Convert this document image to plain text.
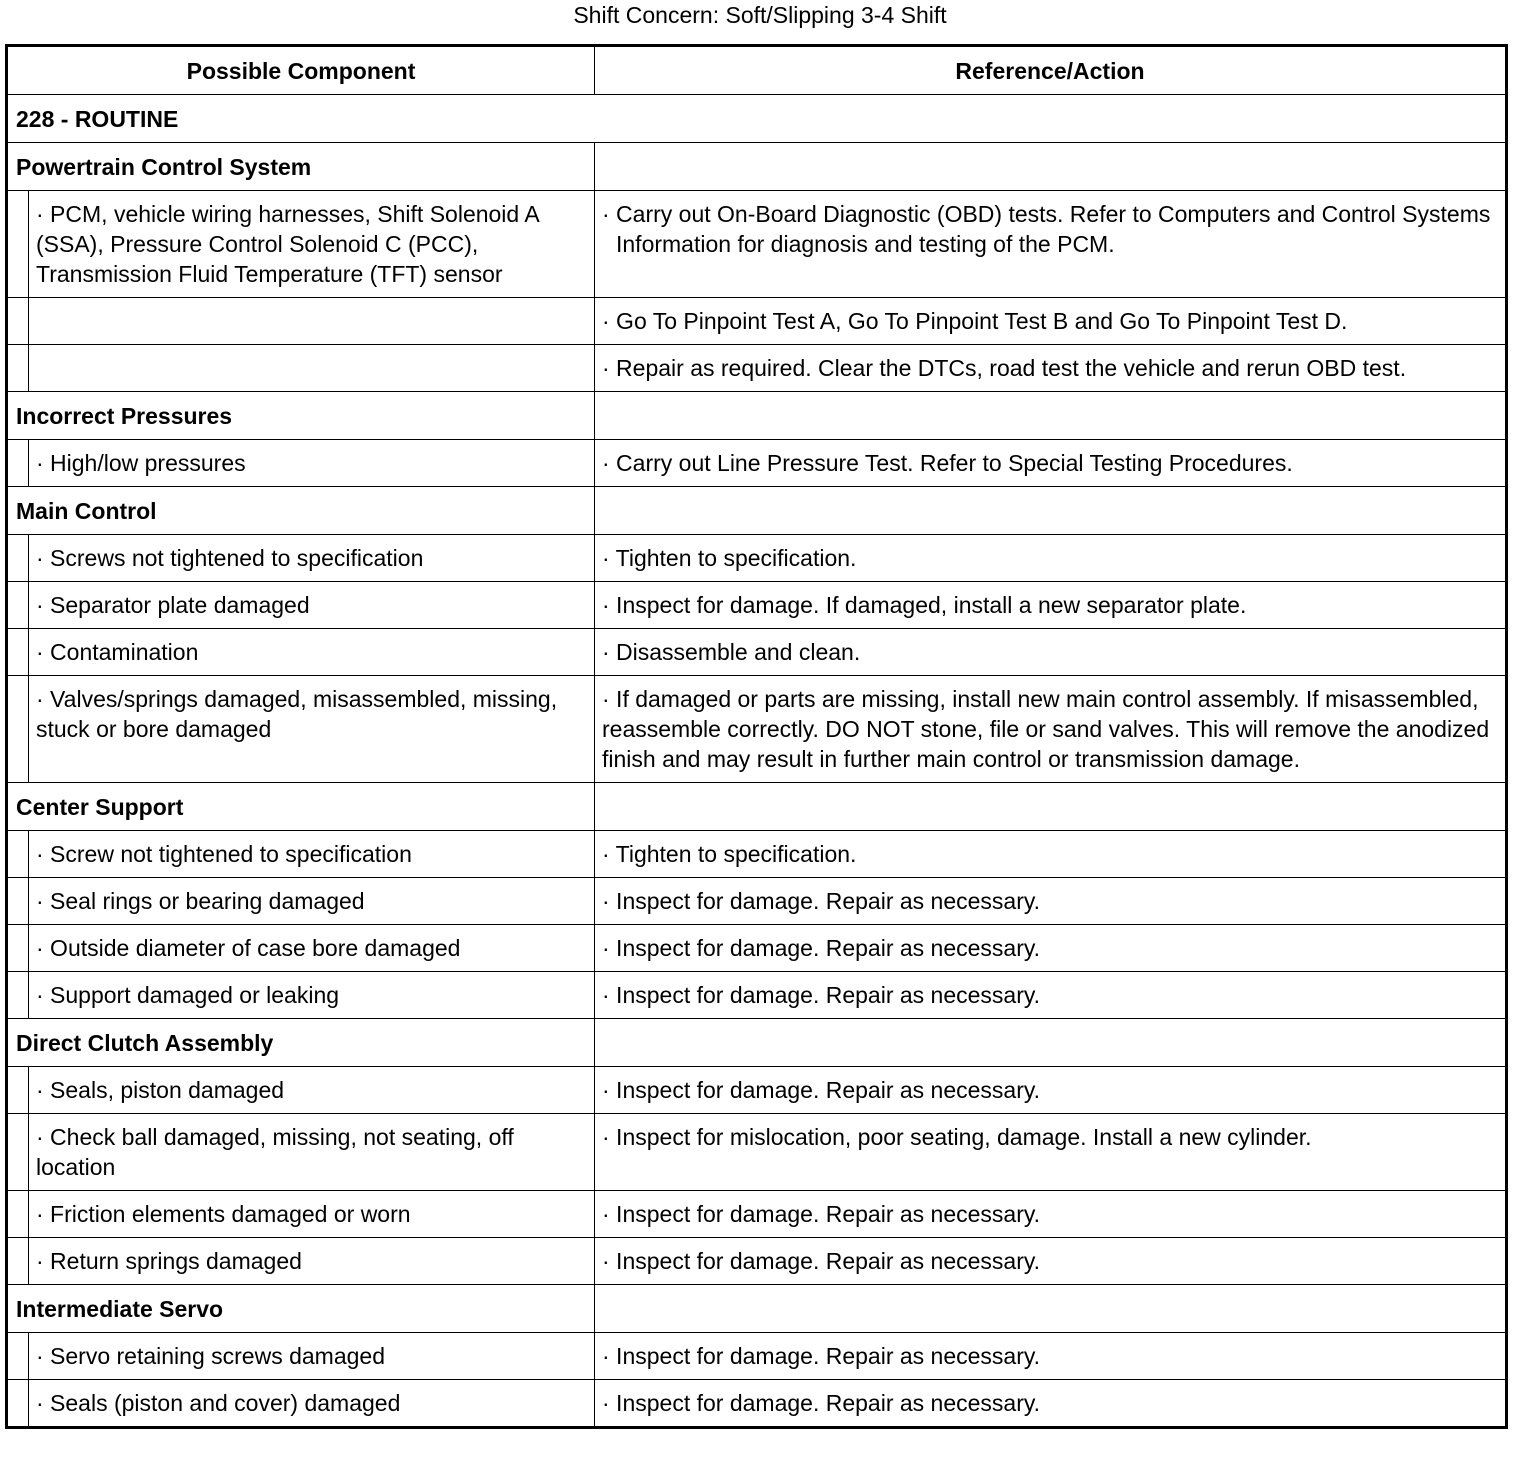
Shift Concern: Soft/Slipping 3-4 Shift
Possible Component		Reference/Action
228 - ROUTINE		
Powertrain Control System		

	· PCM, vehicle wiring harnesses, Shift Solenoid A (SSA), Pressure Control Solenoid C (PCC), Transmission Fluid Temperature (TFT) sensor	· Carry out On-Board Diagnostic (OBD) tests. Refer to Computers and Control Systems Information for diagnosis and testing of the PCM.

		· Go To Pinpoint Test A, Go To Pinpoint Test B and Go To Pinpoint Test D.

		· Repair as required. Clear the DTCs, road test the vehicle and rerun OBD test.

Incorrect Pressures		

	· High/low pressures	· Carry out Line Pressure Test. Refer to Special Testing Procedures.

Main Control		

	· Screws not tightened to specification	· Tighten to specification.

	· Separator plate damaged	· Inspect for damage. If damaged, install a new separator plate.

	· Contamination	· Disassemble and clean.

	· Valves/springs damaged, misassembled, missing, stuck or bore damaged	· If damaged or parts are missing, install new main control assembly. If misassembled, reassemble correctly. DO NOT stone, file or sand valves. This will remove the anodized finish and may result in further main control or transmission damage.

Center Support		

	· Screw not tightened to specification	· Tighten to specification.

	· Seal rings or bearing damaged	· Inspect for damage. Repair as necessary.

	· Outside diameter of case bore damaged	· Inspect for damage. Repair as necessary.

	· Support damaged or leaking	· Inspect for damage. Repair as necessary.

Direct Clutch Assembly		

	· Seals, piston damaged	· Inspect for damage. Repair as necessary.

	· Check ball damaged, missing, not seating, off location	· Inspect for mislocation, poor seating, damage. Install a new cylinder.

	· Friction elements damaged or worn	· Inspect for damage. Repair as necessary.

	· Return springs damaged	· Inspect for damage. Repair as necessary.

Intermediate Servo		

	· Servo retaining screws damaged	· Inspect for damage. Repair as necessary.

	· Seals (piston and cover) damaged	· Inspect for damage. Repair as necessary.
